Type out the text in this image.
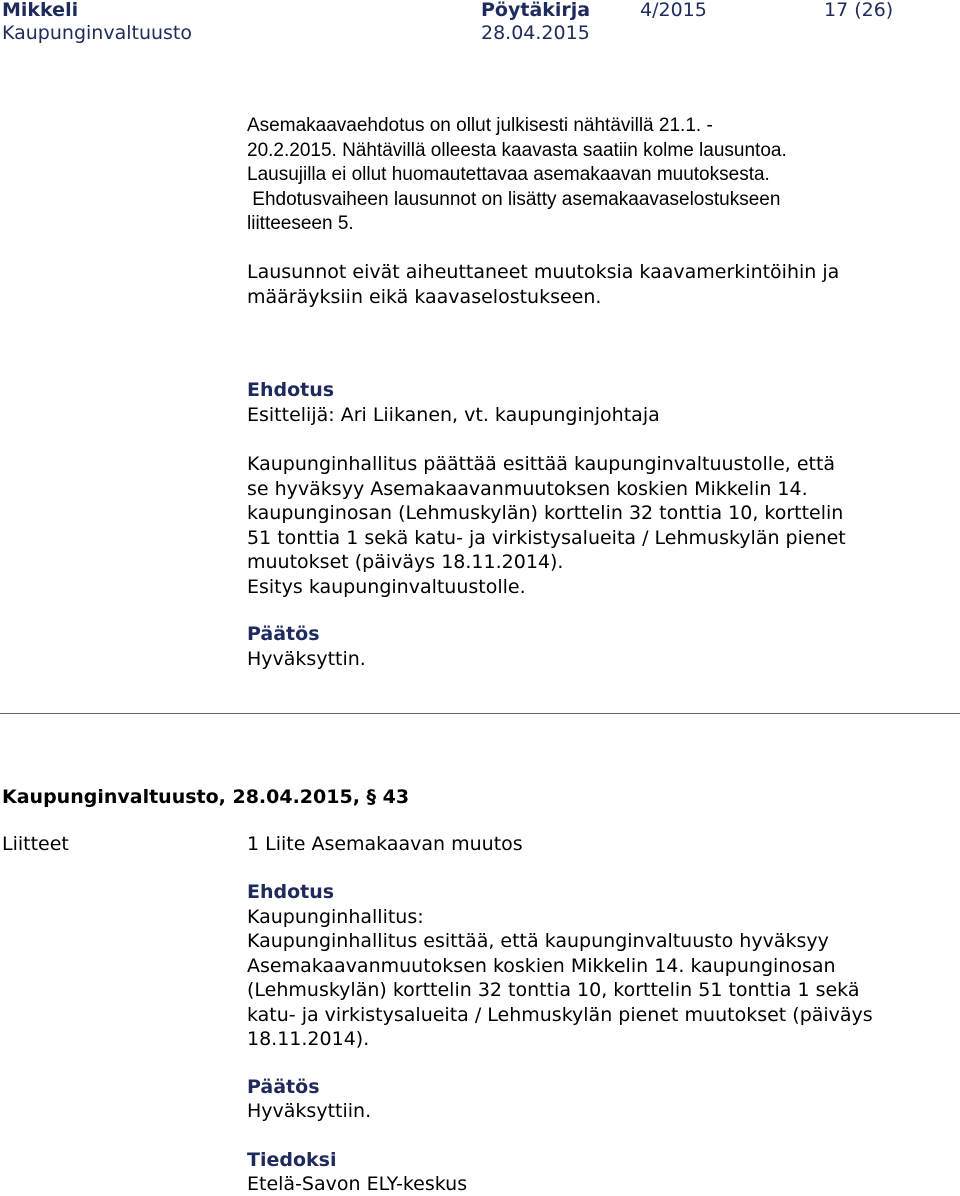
Mikkeli	Pöytäkirja	4/2015	17 (26)
Kaupunginvaltuusto	28.04.2015
Asemakaavaehdotus on ollut julkisesti nähtävillä 21.1. -
20.2.2015. Nähtävillä olleesta kaavasta saatiin kolme lausuntoa.
Lausujilla ei ollut huomautettavaa asemakaavan muutoksesta.
Ehdotusvaiheen lausunnot on lisätty asemakaavaselostukseen
liitteeseen 5.
Lausunnot eivät aiheuttaneet muutoksia kaavamerkintöihin ja
määräyksiin eikä kaavaselostukseen.
Ehdotus
Esittelijä: Ari Liikanen, vt. kaupunginjohtaja
Kaupunginhallitus päättää esittää kaupunginvaltuustolle, että
se hyväksyy Asemakaavanmuutoksen koskien Mikkelin 14.
kaupunginosan (Lehmuskylän) korttelin 32 tonttia 10, korttelin
51 tonttia 1 sekä katu- ja virkistysalueita / Lehmuskylän pienet
muutokset (päiväys 18.11.2014).
Esitys kaupunginvaltuustolle.
Päätös
Hyväksyttin.
Kaupunginvaltuusto, 28.04.2015, § 43
Liitteet	1 Liite Asemakaavan muutos
Ehdotus
Kaupunginhallitus:
Kaupunginhallitus esittää, että kaupunginvaltuusto hyväksyy
Asemakaavanmuutoksen koskien Mikkelin 14. kaupunginosan
(Lehmuskylän) korttelin 32 tonttia 10, korttelin 51 tonttia 1 sekä
katu- ja virkistysalueita / Lehmuskylän pienet muutokset (päiväys
18.11.2014).
Päätös
Hyväksyttiin.
Tiedoksi
Etelä-Savon ELY-keskus
